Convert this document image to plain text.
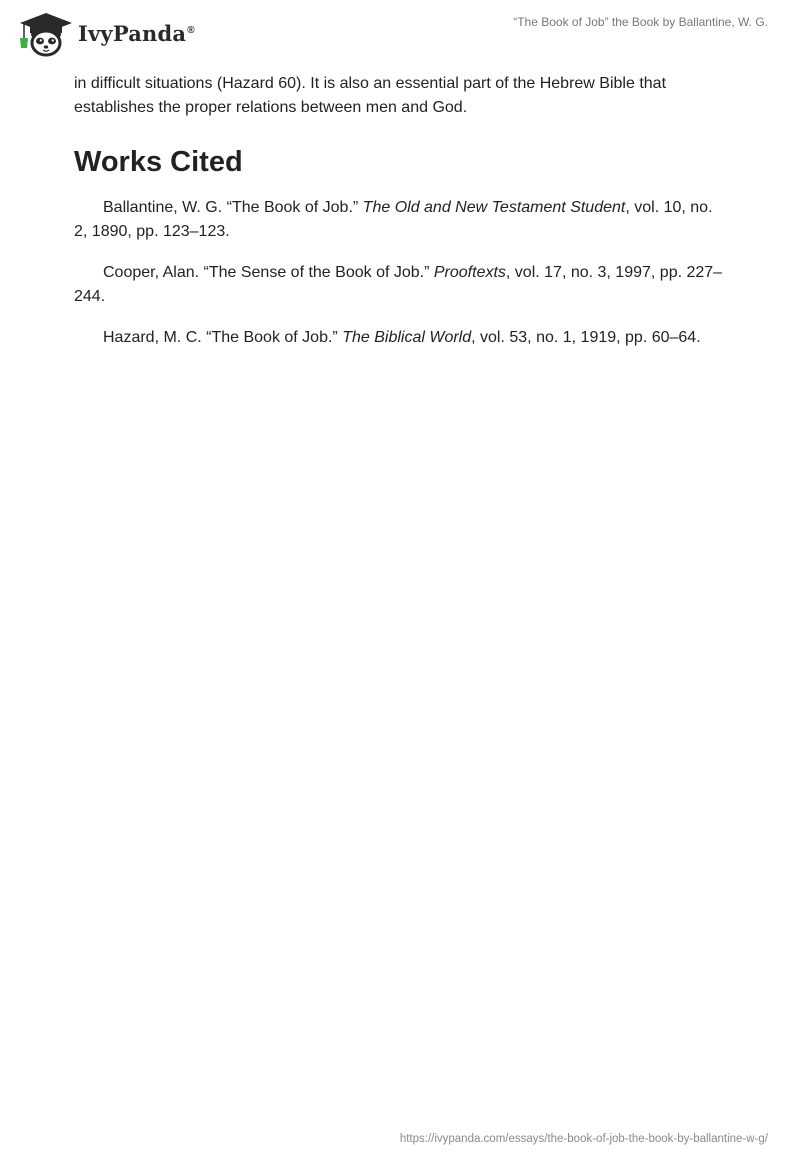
IvyPanda®
“The Book of Job” the Book by Ballantine, W. G.

in difficult situations (Hazard 60). It is also an essential part of the Hebrew Bible that establishes the proper relations between men and God.

Works Cited

Ballantine, W. G. “The Book of Job.” The Old and New Testament Student, vol. 10, no. 2, 1890, pp. 123–123.

Cooper, Alan. “The Sense of the Book of Job.” Prooftexts, vol. 17, no. 3, 1997, pp. 227–244.

Hazard, M. C. “The Book of Job.” The Biblical World, vol. 53, no. 1, 1919, pp. 60–64.

https://ivypanda.com/essays/the-book-of-job-the-book-by-ballantine-w-g/
